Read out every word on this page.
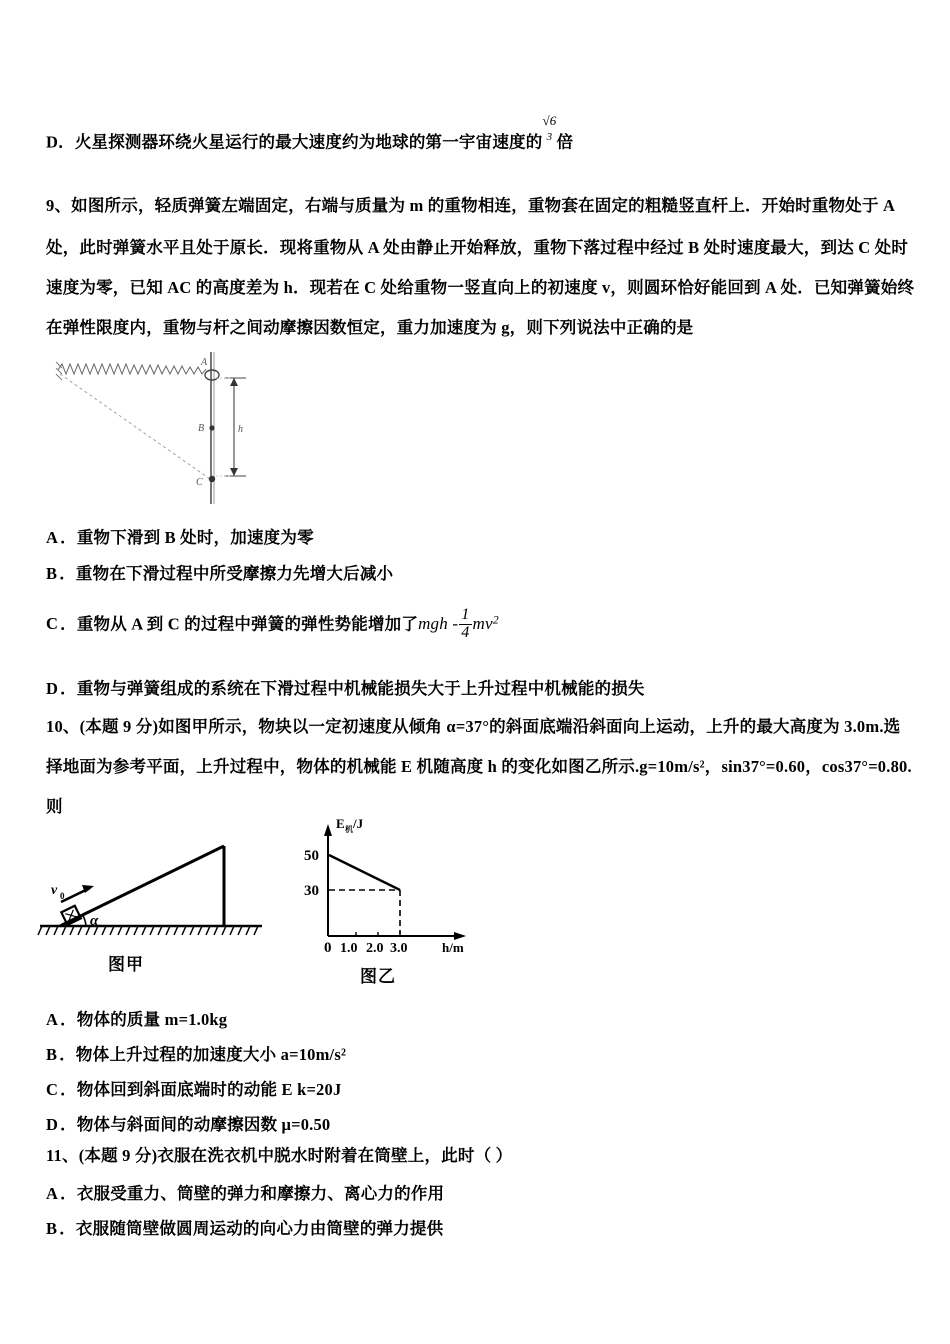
D．火星探测器环绕火星运行的最大速度约为地球的第一宇宙速度的
√6
3 倍
9、如图所示，轻质弹簧左端固定，右端与质量为 m 的重物相连，重物套在固定的粗糙竖直杆上．开始时重物处于 A
处，此时弹簧水平且处于原长．现将重物从 A 处由静止开始释放，重物下落过程中经过 B 处时速度最大，到达 C 处时
速度为零，已知 AC 的高度差为 h．现若在 C 处给重物一竖直向上的初速度 v，则圆环恰好能回到 A 处．已知弹簧始终
在弹性限度内，重物与杆之间动摩擦因数恒定，重力加速度为 g，则下列说法中正确的是
A
B
C
h
A ．重物下滑到 B 处时，加速度为零
B ．重物在下滑过程中所受摩擦力先增大后减小
C ．重物从 A 到 C 的过程中弹簧的弹性势能增加了mgh - $\frac{1}{4} mv^2$
D ．重物与弹簧组成的系统在下滑过程中机械能损失大于上升过程中机械能的损失
10、(本题 9 分)如图甲所示，物块以一定初速度从倾角 α=37°的斜面底端沿斜面向上运动，上升的最大高度为 3.0m.选
择地面为参考平面，上升过程中，物体的机械能 E 机随高度 h 的变化如图乙所示.g=10m/s²，sin37°=0.60，cos37°=0.80.
则
v 0
α
图甲
E 机 /J
h/m
50
30
0 1.0 2.0 3.0
图乙
A ．物体的质量 m=1.0kg
B ．物体上升过程的加速度大小 a=10m/s²
C ．物体回到斜面底端时的动能 E k=20J
D ．物体与斜面间的动摩擦因数 μ=0.50
11、(本题 9 分)衣服在洗衣机中脱水时附着在筒壁上，此时（ ）
A ．衣服受重力、筒壁的弹力和摩擦力、离心力的作用
B ．衣服随筒壁做圆周运动的向心力由筒壁的弹力提供
